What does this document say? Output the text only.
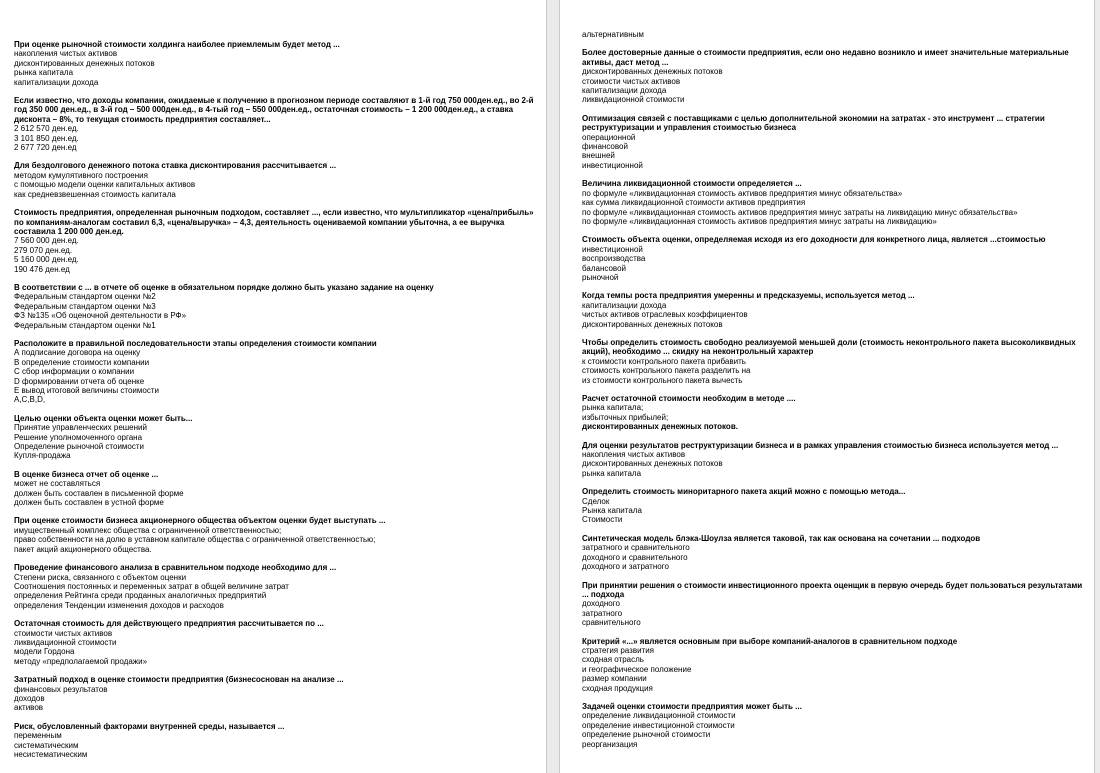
При оценке рыночной стоимости холдинга наиболее приемлемым будет метод ...
накопления чистых активов
дисконтированных денежных потоков
рынка капитала
капитализации дохода
Если известно, что доходы компании, ожидаемые к получению в прогнозном периоде составляют в 1-й год 750 000ден.ед., во 2-й год 350 000 ден.ед., в 3-й год – 500 000ден.ед., в 4-тый год – 550 000ден.ед., остаточная стоимость – 1 200 000ден.ед., а ставка дисконта – 8%, то текущая стоимость предприятия составляет...
2 612 570 ден.ед.
3 101 850 ден.ед.
2 677 720 ден.ед
Для бездолгового денежного потока ставка дисконтирования рассчитывается ...
методом кумулятивного построения
с помощью модели оценки капитальных активов
как средневзвешенная стоимость капитала
Стоимость предприятия, определенная рыночным подходом, составляет ..., если известно, что мультипликатор «цена/прибыль» по компаниям-аналогам составил 6,3, «цена/выручка» – 4,3, деятельность оцениваемой компании убыточна, а ее выручка составила 1 200 000 ден.ед.
7 560 000 ден.ед.
279 070 ден.ед.
5 160 000 ден.ед.
190 476 ден.ед
В соответствии с ... в отчете об оценке в обязательном порядке должно быть указано задание на оценку
Федеральным стандартом оценки №2
Федеральным стандартом оценки №3
ФЗ №135 «Об оценочной деятельности в РФ»
Федеральным стандартом оценки №1
Расположите в правильной последовательности этапы определения стоимости компании
А подписание договора на оценку
В определение стоимости компании
С сбор информации о компании
D формировании отчета об оценке
Е вывод итоговой величины стоимости
A,C,B,D,
Целью оценки объекта оценки может быть...
Принятие управленческих решений
Решение уполномоченного органа
Определение рыночной стоимости
Купля-продажа
В оценке бизнеса отчет об оценке ...
может не составляться
должен быть составлен в письменной форме
должен быть составлен в устной форме
При оценке стоимости бизнеса акционерного общества объектом оценки будет выступать ...
имущественный комплекс общества с ограниченной ответственностью;
право собственности на долю в уставном капитале общества с ограниченной ответственностью;
пакет акций акционерного общества.
Проведение финансового анализа в сравнительном подходе необходимо для ...
Степени риска, связанного с объектом оценки
Соотношения постоянных и переменных затрат в общей величине затрат
определения Рейтинга среди проданных аналогичных предприятий
определения Тенденции изменения доходов и расходов
Остаточная стоимость для действующего предприятия рассчитывается по ...
стоимости чистых активов
ликвидационной стоимости
модели Гордона
методу «предполагаемой продажи»
Затратный подход в оценке стоимости предприятия (бизнесоснован на анализе ...
финансовых результатов
доходов
активов
Риск, обусловленный факторами внутренней среды, называется ...
переменным
систематическим
несистематическим
альтернативным
Более достоверные данные о стоимости предприятия, если оно недавно возникло и имеет значительные материальные активы, даст метод ...
дисконтированных денежных потоков
стоимости чистых активов
капитализации дохода
ликвидационной стоимости
Оптимизация связей с поставщиками с целью дополнительной экономии на затратах - это инструмент ... стратегии реструктуризации и управления стоимостью бизнеса
операционной
финансовой
внешней
инвестиционной
Величина ликвидационной стоимости определяется ...
по формуле «ликвидационная стоимость активов предприятия минус обязательства»
как сумма ликвидационной стоимости активов предприятия
по формуле «ликвидационная стоимость активов предприятия минус затраты на ликвидацию минус обязательства»
по формуле «ликвидационная стоимость активов предприятия минус затраты на ликвидацию»
Стоимость объекта оценки, определяемая исходя из его доходности для конкретного лица, является ...стоимостью
инвестиционной
воспроизводства
балансовой
рыночной
Когда темпы роста предприятия умеренны и предсказуемы, используется метод ...
капитализации дохода
чистых активов отраслевых коэффициентов
дисконтированных денежных потоков
Чтобы определить стоимость свободно реализуемой меньшей доли (стоимость неконтрольного пакета высоколиквидных акций), необходимо ... скидку на неконтрольный характер
к стоимости контрольного пакета прибавить
стоимость контрольного пакета разделить на
из стоимости контрольного пакета вычесть
Расчет остаточной стоимости необходим в методе ....
рынка капитала;
избыточных прибылей;
дисконтированных денежных потоков.
Для оценки результатов реструктуризации бизнеса и в рамках управления стоимостью бизнеса используется метод ...
накопления чистых активов
дисконтированных денежных потоков
рынка капитала
Определить стоимость миноритарного пакета акций можно с помощью метода...
Сделок
Рынка капитала
Стоимости
Синтетическая модель блэка-Шоулза является таковой, так как основана на сочетании ... подходов
затратного и сравнительного
доходного и сравнительного
доходного и затратного
При принятии решения о стоимости инвестиционного проекта оценщик в первую очередь будет пользоваться результатами ... подхода
доходного
затратного
сравнительного
Критерий «...» является основным при выборе компаний-аналогов в сравнительном подходе
стратегия развития
сходная отрасль
и географическое положение
размер компании
сходная продукция
Задачей оценки стоимости предприятия может быть ...
определение ликвидационной стоимости
определение инвестиционной стоимости
определение рыночной стоимости
реорганизация
